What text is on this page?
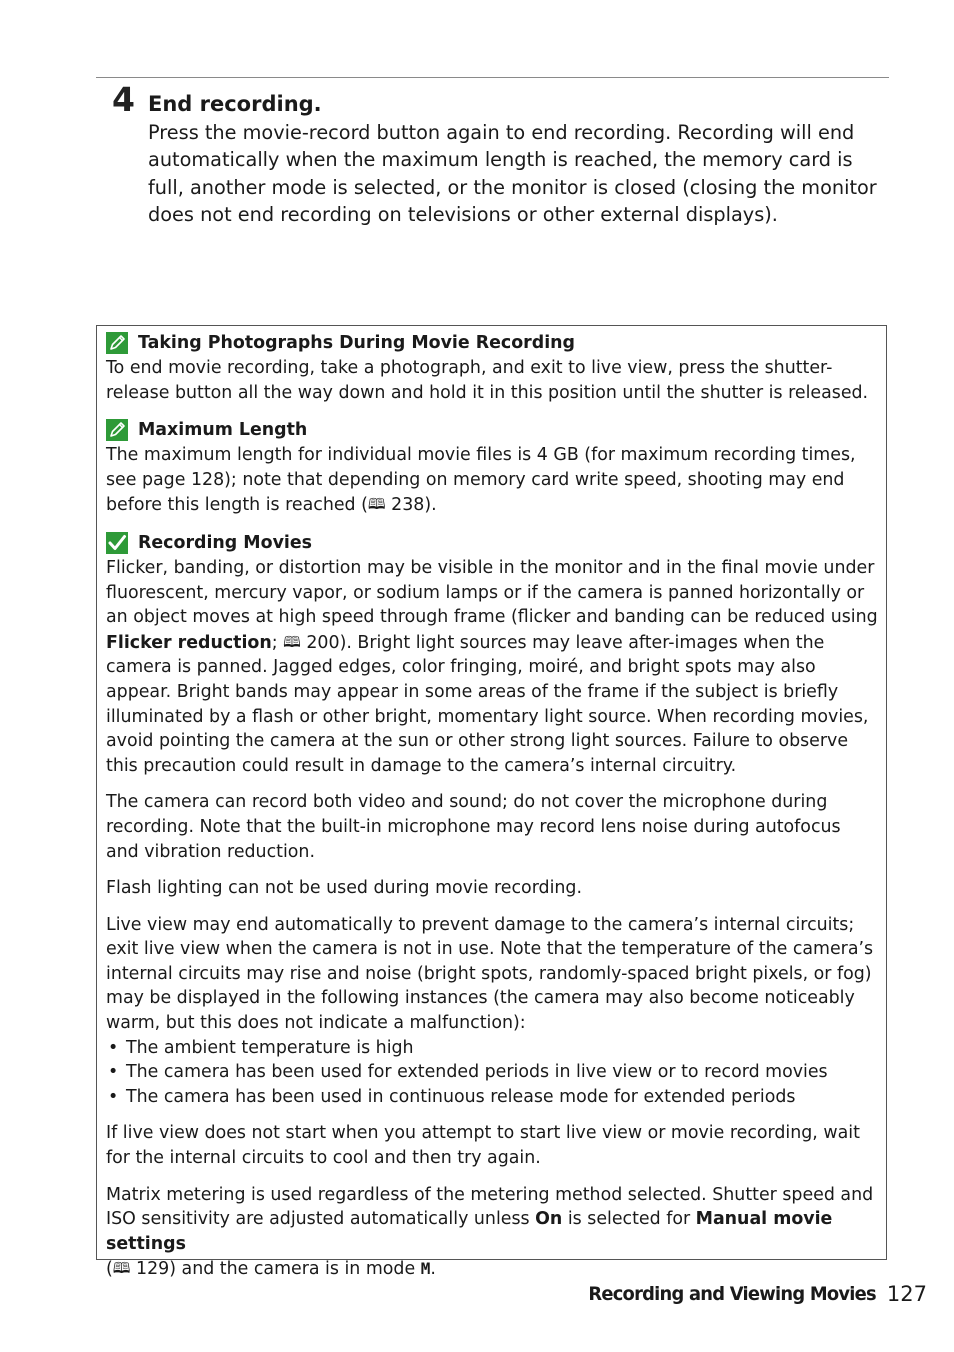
4 End recording.

Press the movie-record button again to end recording. Recording will end automatically when the maximum length is reached, the memory card is full, another mode is selected, or the monitor is closed (closing the monitor does not end recording on televisions or other external displays).

Taking Photographs During Movie Recording

To end movie recording, take a photograph, and exit to live view, press the shutter-release button all the way down and hold it in this position until the shutter is released.

Maximum Length

The maximum length for individual movie files is 4 GB (for maximum recording times, see page 128); note that depending on memory card write speed, shooting may end before this length is reached (🕮 238).

Recording Movies

Flicker, banding, or distortion may be visible in the monitor and in the final movie under fluorescent, mercury vapor, or sodium lamps or if the camera is panned horizontally or an object moves at high speed through frame (flicker and banding can be reduced using Flicker reduction; 🕮 200). Bright light sources may leave after-images when the camera is panned. Jagged edges, color fringing, moiré, and bright spots may also appear. Bright bands may appear in some areas of the frame if the subject is briefly illuminated by a flash or other bright, momentary light source. When recording movies, avoid pointing the camera at the sun or other strong light sources. Failure to observe this precaution could result in damage to the camera’s internal circuitry.

The camera can record both video and sound; do not cover the microphone during recording. Note that the built-in microphone may record lens noise during autofocus and vibration reduction.

Flash lighting can not be used during movie recording.

Live view may end automatically to prevent damage to the camera’s internal circuits; exit live view when the camera is not in use. Note that the temperature of the camera’s internal circuits may rise and noise (bright spots, randomly-spaced bright pixels, or fog) may be displayed in the following instances (the camera may also become noticeably warm, but this does not indicate a malfunction):

• The ambient temperature is high
• The camera has been used for extended periods in live view or to record movies
• The camera has been used in continuous release mode for extended periods

If live view does not start when you attempt to start live view or movie recording, wait for the internal circuits to cool and then try again.

Matrix metering is used regardless of the metering method selected. Shutter speed and ISO sensitivity are adjusted automatically unless On is selected for Manual movie settings
(🕮 129) and the camera is in mode M.

Recording and Viewing Movies 127
